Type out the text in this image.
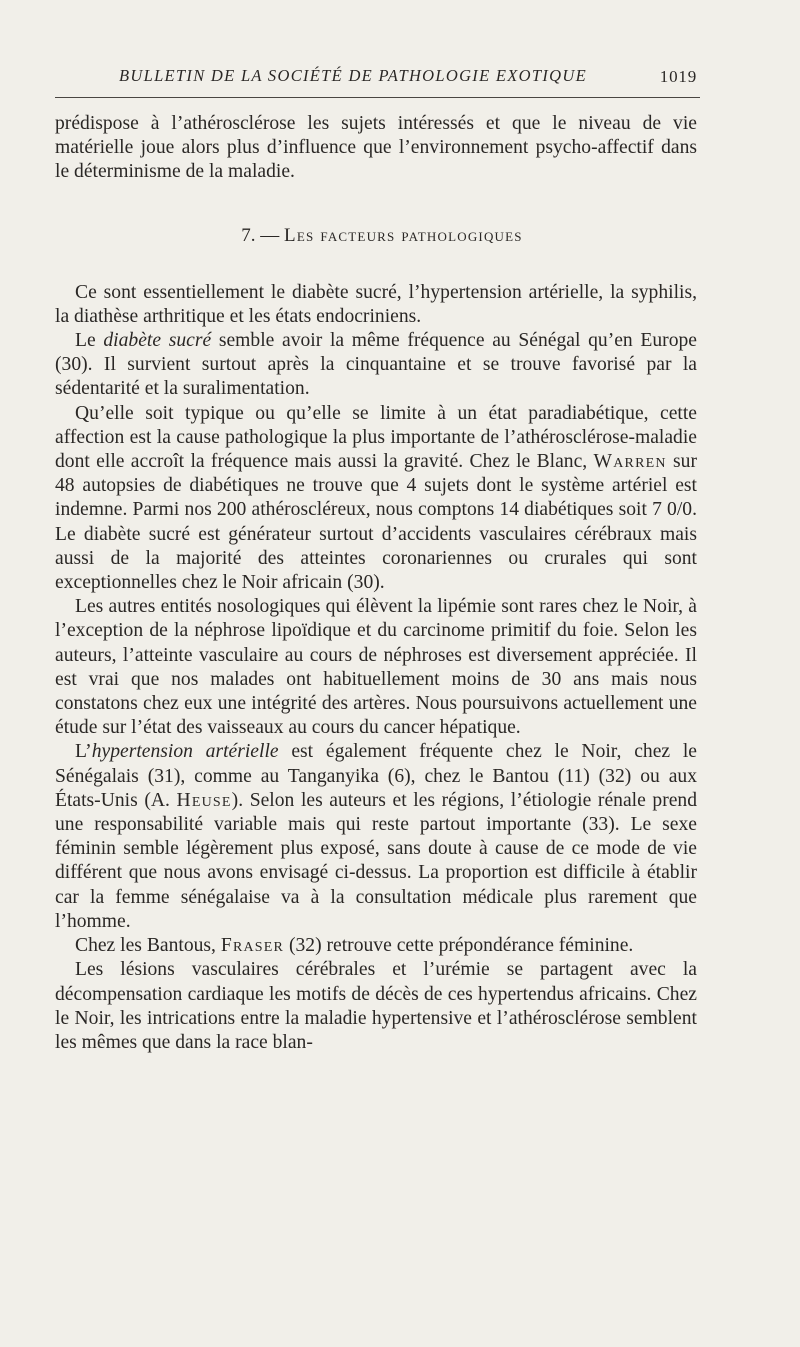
BULLETIN DE LA SOCIÉTÉ DE PATHOLOGIE EXOTIQUE	1019

prédispose à l’athérosclérose les sujets intéressés et que le niveau de vie matérielle joue alors plus d’influence que l’environnement psycho-affectif dans le déterminisme de la maladie.

7. — Les facteurs pathologiques

Ce sont essentiellement le diabète sucré, l’hypertension artérielle, la syphilis, la diathèse arthritique et les états endocriniens.

Le diabète sucré semble avoir la même fréquence au Sénégal qu’en Europe (30). Il survient surtout après la cinquantaine et se trouve favorisé par la sédentarité et la suralimentation.

Qu’elle soit typique ou qu’elle se limite à un état paradiabétique, cette affection est la cause pathologique la plus importante de l’athérosclérose-maladie dont elle accroît la fréquence mais aussi la gravité. Chez le Blanc, Warren sur 48 autopsies de diabétiques ne trouve que 4 sujets dont le système artériel est indemne. Parmi nos 200 athéroscléreux, nous comptons 14 diabétiques soit 7 0/0. Le diabète sucré est générateur surtout d’accidents vasculaires cérébraux mais aussi de la majorité des atteintes coronariennes ou crurales qui sont exceptionnelles chez le Noir africain (30).

Les autres entités nosologiques qui élèvent la lipémie sont rares chez le Noir, à l’exception de la néphrose lipoïdique et du carcinome primitif du foie. Selon les auteurs, l’atteinte vasculaire au cours de néphroses est diversement appréciée. Il est vrai que nos malades ont habituellement moins de 30 ans mais nous constatons chez eux une intégrité des artères. Nous poursuivons actuellement une étude sur l’état des vaisseaux au cours du cancer hépatique.

L’hypertension artérielle est également fréquente chez le Noir, chez le Sénégalais (31), comme au Tanganyika (6), chez le Bantou (11) (32) ou aux États-Unis (A. Heuse). Selon les auteurs et les régions, l’étiologie rénale prend une responsabilité variable mais qui reste partout importante (33). Le sexe féminin semble légèrement plus exposé, sans doute à cause de ce mode de vie différent que nous avons envisagé ci-dessus. La proportion est difficile à établir car la femme sénégalaise va à la consultation médicale plus rarement que l’homme.

Chez les Bantous, Fraser (32) retrouve cette prépondérance féminine.

Les lésions vasculaires cérébrales et l’urémie se partagent avec la décompensation cardiaque les motifs de décès de ces hypertendus africains. Chez le Noir, les intrications entre la maladie hypertensive et l’athérosclérose semblent les mêmes que dans la race blan-
